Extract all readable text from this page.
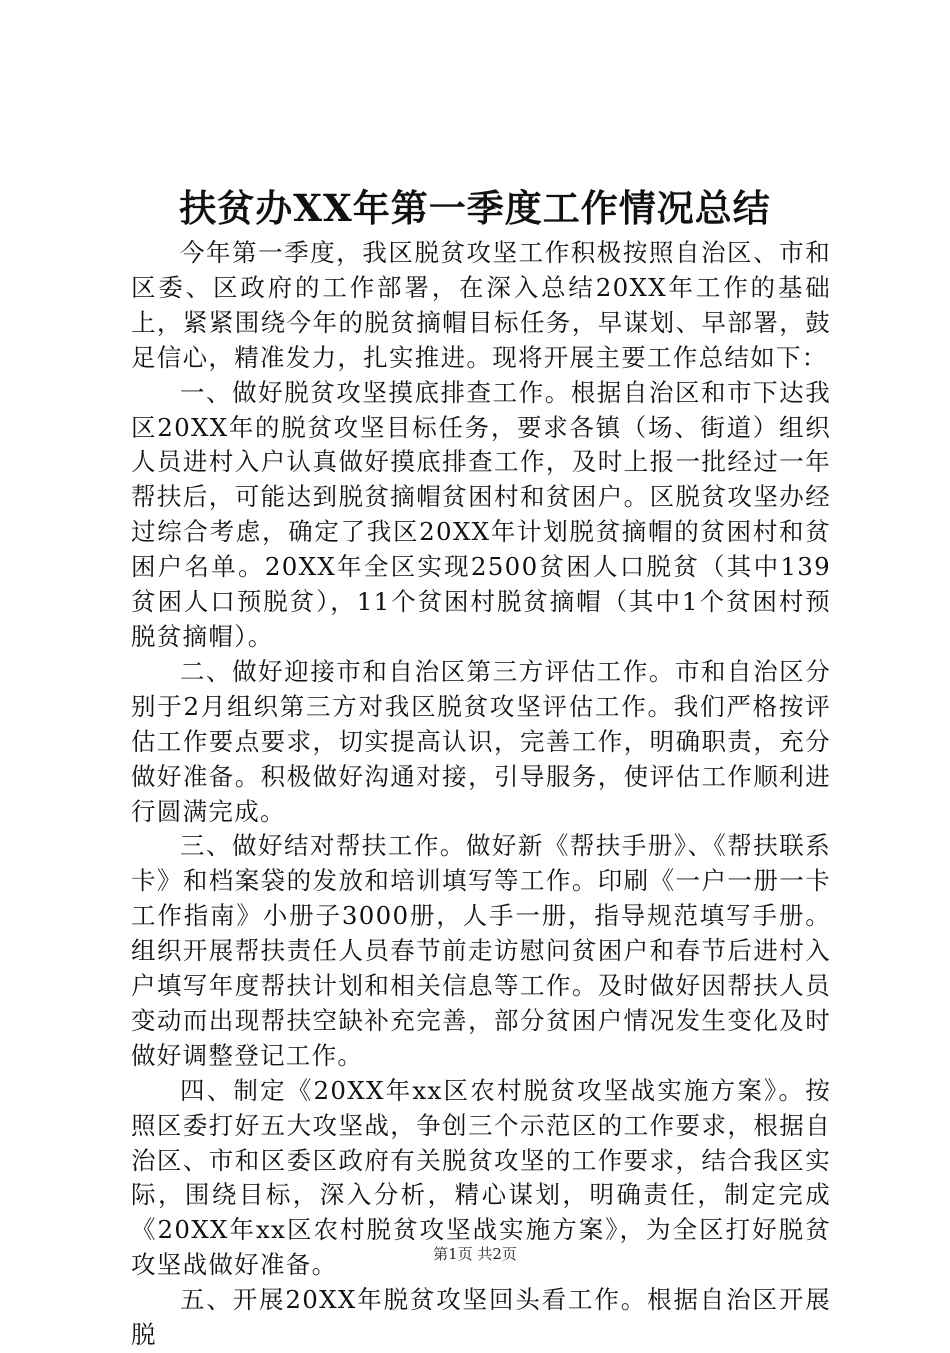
扶贫办XX年第一季度工作情况总结

今年第一季度，我区脱贫攻坚工作积极按照自治区、市和区委、区政府的工作部署，在深入总结20XX年工作的基础上，紧紧围绕今年的脱贫摘帽目标任务，早谋划、早部署，鼓足信心，精准发力，扎实推进。现将开展主要工作总结如下：

一、做好脱贫攻坚摸底排查工作。根据自治区和市下达我区20XX年的脱贫攻坚目标任务，要求各镇（场、街道）组织人员进村入户认真做好摸底排查工作，及时上报一批经过一年帮扶后，可能达到脱贫摘帽贫困村和贫困户。区脱贫攻坚办经过综合考虑，确定了我区20XX年计划脱贫摘帽的贫困村和贫困户名单。20XX年全区实现2500贫困人口脱贫（其中139贫困人口预脱贫），11个贫困村脱贫摘帽（其中1个贫困村预脱贫摘帽）。

二、做好迎接市和自治区第三方评估工作。市和自治区分别于2月组织第三方对我区脱贫攻坚评估工作。我们严格按评估工作要点要求，切实提高认识，完善工作，明确职责，充分做好准备。积极做好沟通对接，引导服务，使评估工作顺利进行圆满完成。

三、做好结对帮扶工作。做好新《帮扶手册》、《帮扶联系卡》和档案袋的发放和培训填写等工作。印刷《一户一册一卡工作指南》小册子3000册，人手一册，指导规范填写手册。组织开展帮扶责任人员春节前走访慰问贫困户和春节后进村入户填写年度帮扶计划和相关信息等工作。及时做好因帮扶人员变动而出现帮扶空缺补充完善，部分贫困户情况发生变化及时做好调整登记工作。

四、制定《20XX年xx区农村脱贫攻坚战实施方案》。按照区委打好五大攻坚战，争创三个示范区的工作要求，根据自治区、市和区委区政府有关脱贫攻坚的工作要求，结合我区实际，围绕目标，深入分析，精心谋划，明确责任，制定完成《20XX年xx区农村脱贫攻坚战实施方案》，为全区打好脱贫攻坚战做好准备。

五、开展20XX年脱贫攻坚回头看工作。根据自治区开展脱

第1页 共2页
